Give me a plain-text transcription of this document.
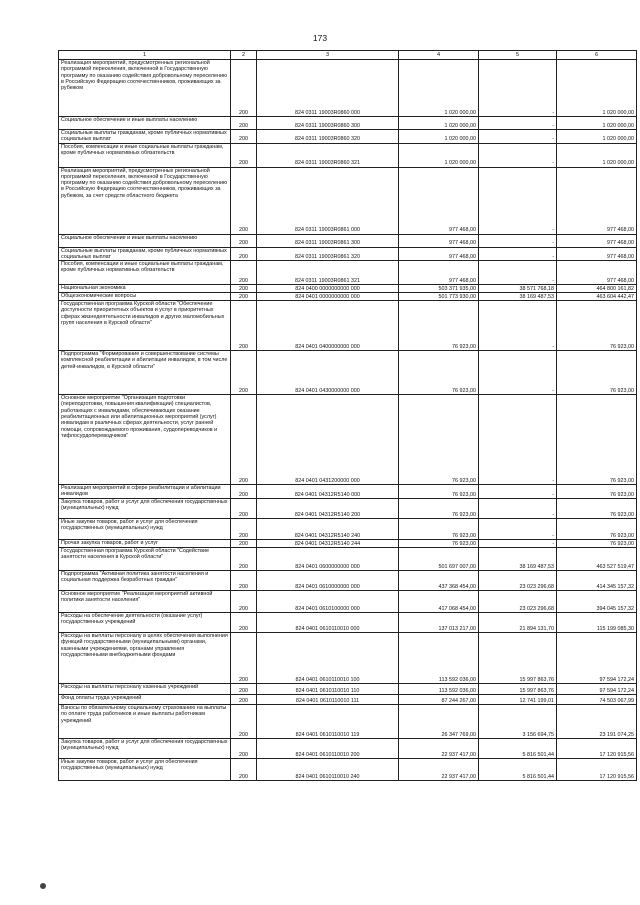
173
1	2	3	4	5	6
Реализация мероприятий, предусмотренных региональной программой переселения, включенной в Государственную программу по оказанию содействия добровольному переселению в Российскую Федерацию соотечественников, проживающих за рубежом	200	824 0311 19003R0860 000	1 020 000,00	-	1 020 000,00
Социальное обеспечение и иные выплаты населению	200	824 0311 19003R0860 300	1 020 000,00	-	1 020 000,00
Социальные выплаты гражданам, кроме публичных нормативных социальных выплат	200	824 0311 19003R0860 320	1 020 000,00	-	1 020 000,00
Пособия, компенсации и иные социальные выплаты гражданам, кроме публичных нормативных обязательств	200	824 0311 19003R0860 321	1 020 000,00	-	1 020 000,00
Реализация мероприятий, предусмотренных региональной программой переселения, включенной в Государственную программу по оказанию содействия добровольному переселению в Российскую Федерацию соотечественников, проживающих за рубежом, за счет средств областного бюджета	200	824 0311 19003R0861 000	977 468,00	-	977 468,00
Социальное обеспечение и иные выплаты населению	200	824 0311 19003R0861 300	977 468,00	-	977 468,00
Социальные выплаты гражданам, кроме публичных нормативных социальных выплат	200	824 0311 19003R0861 320	977 468,00	-	977 468,00
Пособия, компенсации и иные социальные выплаты гражданам, кроме публичных нормативных обязательств	200	824 0311 19003R0861 321	977 468,00	-	977 468,00
Национальная экономика	200	824 0400 0000000000 000	503 371 935,00	38 571 768,18	464 800 161,82
Общеэкономические вопросы	200	824 0401 0000000000 000	501 773 930,00	38 169 487,53	463 604 442,47
Государственная программа Курской области "Обеспечение доступности приоритетных объектов и услуг в приоритетных сферах жизнедеятельности инвалидов и других маломобильных групп населения в Курской области"	200	824 0401 0400000000 000	76 923,00	-	76 923,00
Подпрограмма "Формирование и совершенствование системы комплексной реабилитации и абилитации инвалидов, в том числе детей-инвалидов, в Курской области"	200	824 0401 0430000000 000	76 923,00	-	76 923,00
Основное мероприятие "Организация подготовки (переподготовки, повышения квалификации) специалистов, работающих с инвалидами, обеспечивающих оказание реабилитационных или абилитационных мероприятий (услуг) инвалидам в различных сферах деятельности, услуг ранней помощи, сопровождаемого проживания, сурдопереводчиков и тифлосурдопереводчиков"	200	824 0401 0431200000 000	76 923,00	-	76 923,00
Реализация мероприятий в сфере реабилитации и абилитации инвалидов	200	824 0401 04312R5140 000	76 923,00	-	76 923,00
Закупка товаров, работ и услуг для обеспечения государственных (муниципальных) нужд	200	824 0401 04312R5140 200	76 923,00	-	76 923,00
Иные закупки товаров, работ и услуг для обеспечения государственных (муниципальных) нужд	200	824 0401 04312R5140 240	76 923,00	-	76 923,00
Прочая закупка товаров, работ и услуг	200	824 0401 04312R5140 244	76 923,00	-	76 923,00
Государственная программа Курской области "Содействие занятости населения в Курской области"	200	824 0401 0600000000 000	501 697 007,00	38 169 487,53	463 527 519,47
Подпрограмма "Активная политика занятости населения и социальная поддержка безработных граждан"	200	824 0401 0610000000 000	437 368 454,00	23 023 296,68	414 345 157,32
Основное мероприятие "Реализация мероприятий активной политики занятости населения"	200	824 0401 0610100000 000	417 068 454,00	23 023 296,68	394 045 157,32
Расходы на обеспечение деятельности (оказание услуг) государственных учреждений	200	824 0401 0610110010 000	137 013 217,00	21 894 131,70	115 199 085,30
Расходы на выплаты персоналу в целях обеспечения выполнения функций государственными (муниципальными) органами, казенными учреждениями, органами управления государственными внебюджетными фондами	200	824 0401 0610110010 100	113 592 036,00	15 997 863,76	97 594 172,24
Расходы на выплаты персоналу казенных учреждений	200	824 0401 0610110010 110	113 592 036,00	15 997 863,76	97 594 172,24
Фонд оплаты труда учреждений	200	824 0401 0610110010 111	87 244 267,00	12 741 199,01	74 503 067,99
Взносы по обязательному социальному страхованию на выплаты по оплате труда работников и иные выплаты работникам учреждений	200	824 0401 0610110010 119	26 347 769,00	3 156 694,75	23 191 074,25
Закупка товаров, работ и услуг для обеспечения государственных (муниципальных) нужд	200	824 0401 0610110010 200	22 937 417,00	5 816 501,44	17 120 915,56
Иные закупки товаров, работ и услуг для обеспечения государственных (муниципальных) нужд	200	824 0401 0610110010 240	22 937 417,00	5 816 501,44	17 120 915,56
